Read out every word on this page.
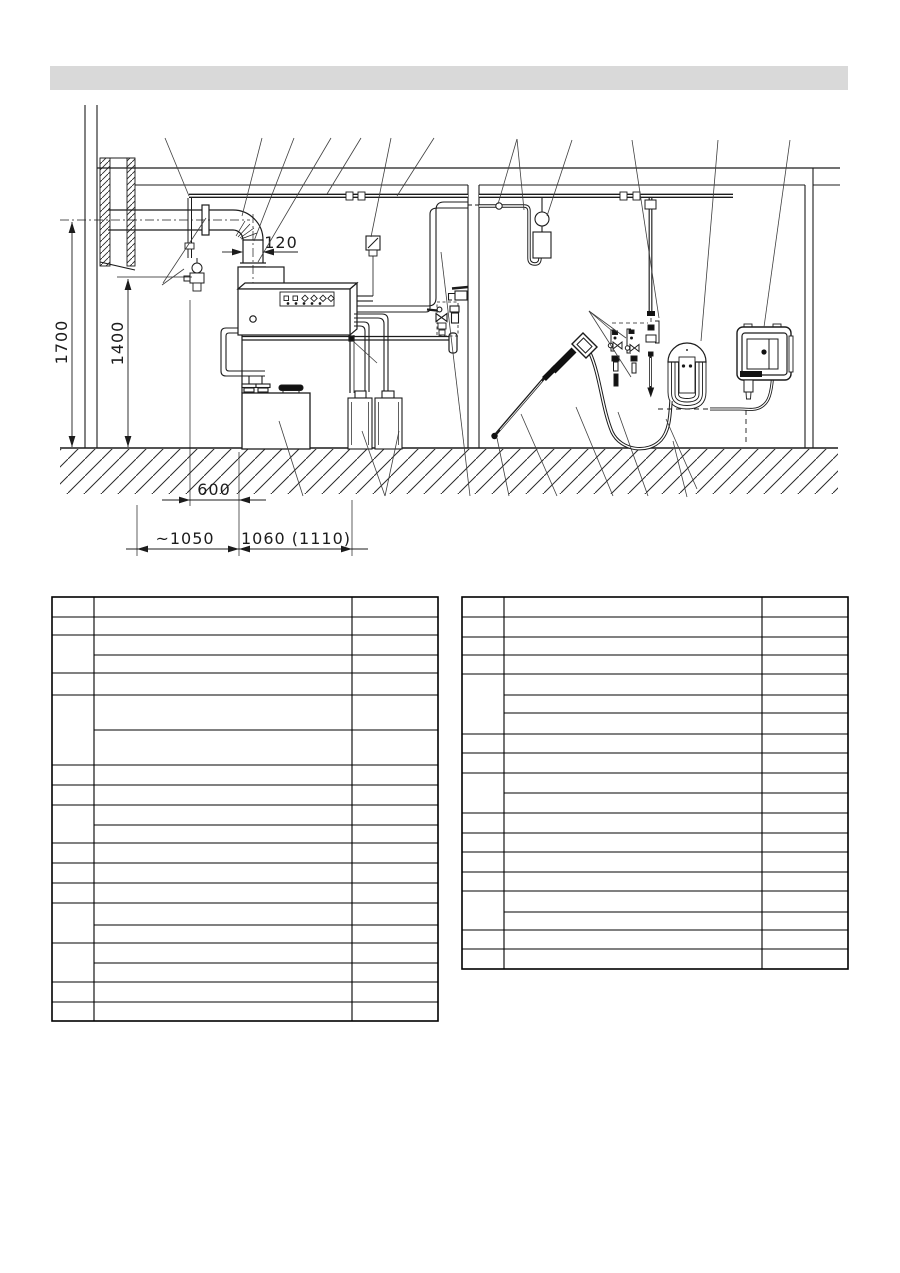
1700 1400
120
600
~1050 1060 (1110)
